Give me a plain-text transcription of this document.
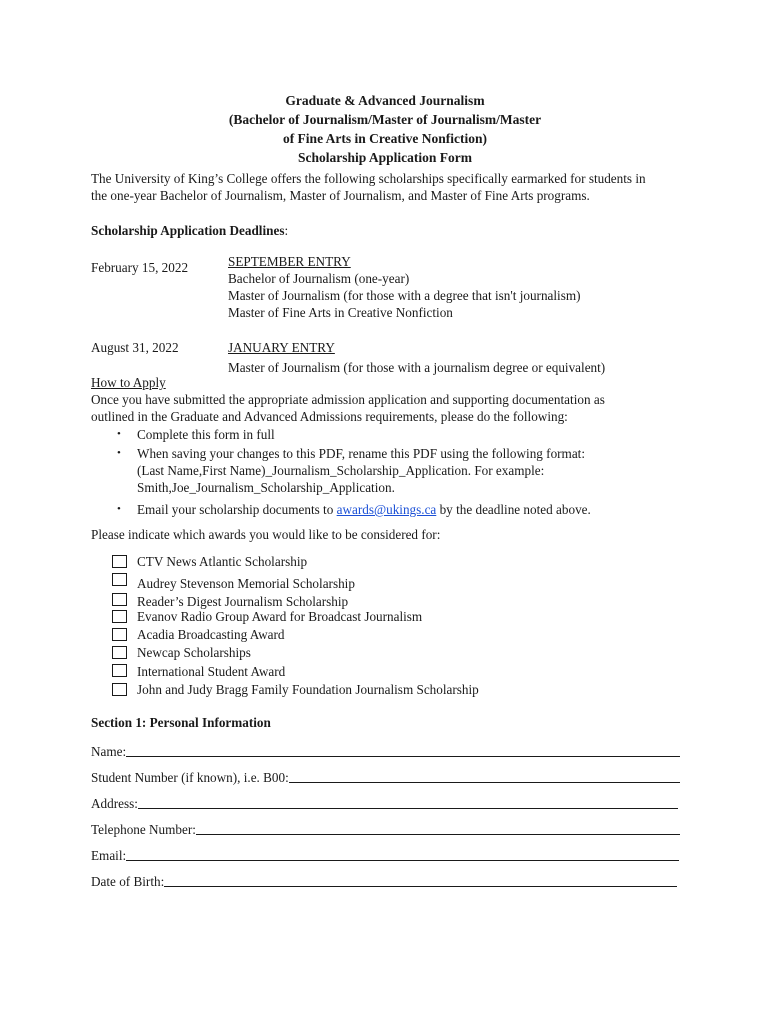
Graduate & Advanced Journalism
(Bachelor of Journalism/Master of Journalism/Master
of Fine Arts in Creative Nonfiction)
Scholarship Application Form
The University of King’s College offers the following scholarships specifically earmarked for students in
the one-year Bachelor of Journalism, Master of Journalism, and Master of Fine Arts programs.
Scholarship Application Deadlines:
February 15, 2022	SEPTEMBER ENTRY
Bachelor of Journalism (one-year)
Master of Journalism (for those with a degree that isn't journalism)
Master of Fine Arts in Creative Nonfiction
August 31, 2022	JANUARY ENTRY
Master of Journalism (for those with a journalism degree or equivalent)
How to Apply
Once you have submitted the appropriate admission application and supporting documentation as
outlined in the Graduate and Advanced Admissions requirements, please do the following:
• Complete this form in full
• When saving your changes to this PDF, rename this PDF using the following format:
(Last Name,First Name)_Journalism_Scholarship_Application. For example:
Smith,Joe_Journalism_Scholarship_Application.
• Email your scholarship documents to awards@ukings.ca by the deadline noted above.
Please indicate which awards you would like to be considered for:
CTV News Atlantic Scholarship
Audrey Stevenson Memorial Scholarship
Reader’s Digest Journalism Scholarship
Evanov Radio Group Award for Broadcast Journalism
Acadia Broadcasting Award
Newcap Scholarships
International Student Award
John and Judy Bragg Family Foundation Journalism Scholarship
Section 1: Personal Information
Name:
Student Number (if known), i.e. B00:
Address:
Telephone Number:
Email:
Date of Birth:
